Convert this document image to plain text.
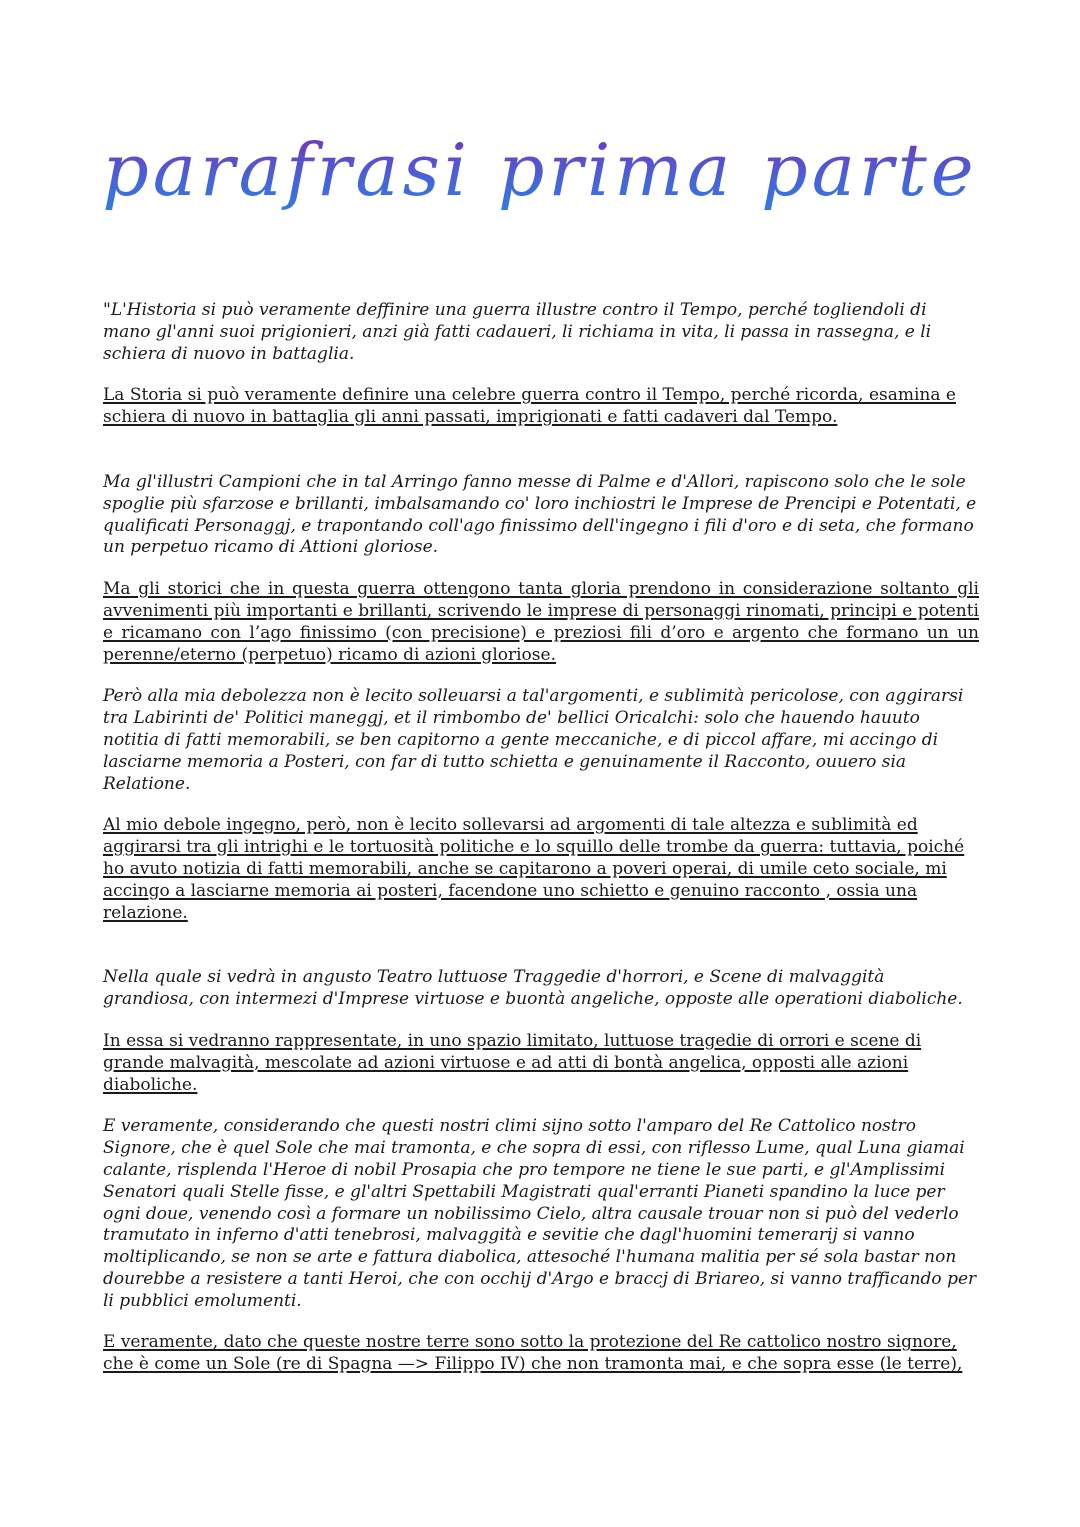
parafrasi prima parte

"L'Historia si può veramente deffinire una guerra illustre contro il Tempo, perché togliendoli di mano gl'anni suoi prigionieri, anzi già fatti cadaueri, li richiama in vita, li passa in rassegna, e li schiera di nuovo in battaglia.

La Storia si può veramente definire una celebre guerra contro il Tempo, perché ricorda, esamina e schiera di nuovo in battaglia gli anni passati, imprigionati e fatti cadaveri dal Tempo.

Ma gl'illustri Campioni che in tal Arringo fanno messe di Palme e d'Allori, rapiscono solo che le sole spoglie più sfarzose e brillanti, imbalsamando co' loro inchiostri le Imprese de Prencipi e Potentati, e qualificati Personaggj, e trapontando coll'ago finissimo dell'ingegno i fili d'oro e di seta, che formano un perpetuo ricamo di Attioni gloriose.

Ma gli storici che in questa guerra ottengono tanta gloria prendono in considerazione soltanto gli avvenimenti più importanti e brillanti, scrivendo le imprese di personaggi rinomati, principi e potenti e ricamano con l’ago finissimo (con precisione) e preziosi fili d’oro e argento che formano un un perenne/eterno (perpetuo) ricamo di azioni gloriose.

Però alla mia debolezza non è lecito solleuarsi a tal'argomenti, e sublimità pericolose, con aggirarsi tra Labirinti de' Politici maneggj, et il rimbombo de' bellici Oricalchi: solo che hauendo hauuto notitia di fatti memorabili, se ben capitorno a gente meccaniche, e di piccol affare, mi accingo di lasciarne memoria a Posteri, con far di tutto schietta e genuinamente il Racconto, ouuero sia Relatione.

Al mio debole ingegno, però, non è lecito sollevarsi ad argomenti di tale altezza e sublimità ed aggirarsi tra gli intrighi e le tortuosità politiche e lo squillo delle trombe da guerra: tuttavia, poiché ho avuto notizia di fatti memorabili, anche se capitarono a poveri operai, di umile ceto sociale, mi accingo a lasciarne memoria ai posteri, facendone uno schietto e genuino racconto , ossia una relazione.

Nella quale si vedrà in angusto Teatro luttuose Traggedie d'horrori, e Scene di malvaggità grandiosa, con intermezi d'Imprese virtuose e buontà angeliche, opposte alle operationi diaboliche.

In essa si vedranno rappresentate, in uno spazio limitato, luttuose tragedie di orrori e scene di grande malvagità, mescolate ad azioni virtuose e ad atti di bontà angelica, opposti alle azioni diaboliche.

E veramente, considerando che questi nostri climi sijno sotto l'amparo del Re Cattolico nostro Signore, che è quel Sole che mai tramonta, e che sopra di essi, con riflesso Lume, qual Luna giamai calante, risplenda l'Heroe di nobil Prosapia che pro tempore ne tiene le sue parti, e gl'Amplissimi Senatori quali Stelle fisse, e gl'altri Spettabili Magistrati qual'erranti Pianeti spandino la luce per ogni doue, venendo così a formare un nobilissimo Cielo, altra causale trouar non si può del vederlo tramutato in inferno d'atti tenebrosi, malvaggità e sevitie che dagl'huomini temerarij si vanno moltiplicando, se non se arte e fattura diabolica, attesoché l'humana malitia per sé sola bastar non dourebbe a resistere a tanti Heroi, che con occhij d'Argo e braccj di Briareo, si vanno trafficando per li pubblici emolumenti.

E veramente, dato che queste nostre terre sono sotto la protezione del Re cattolico nostro signore, che è come un Sole (re di Spagna —> Filippo IV) che non tramonta mai, e che sopra esse (le terre),
